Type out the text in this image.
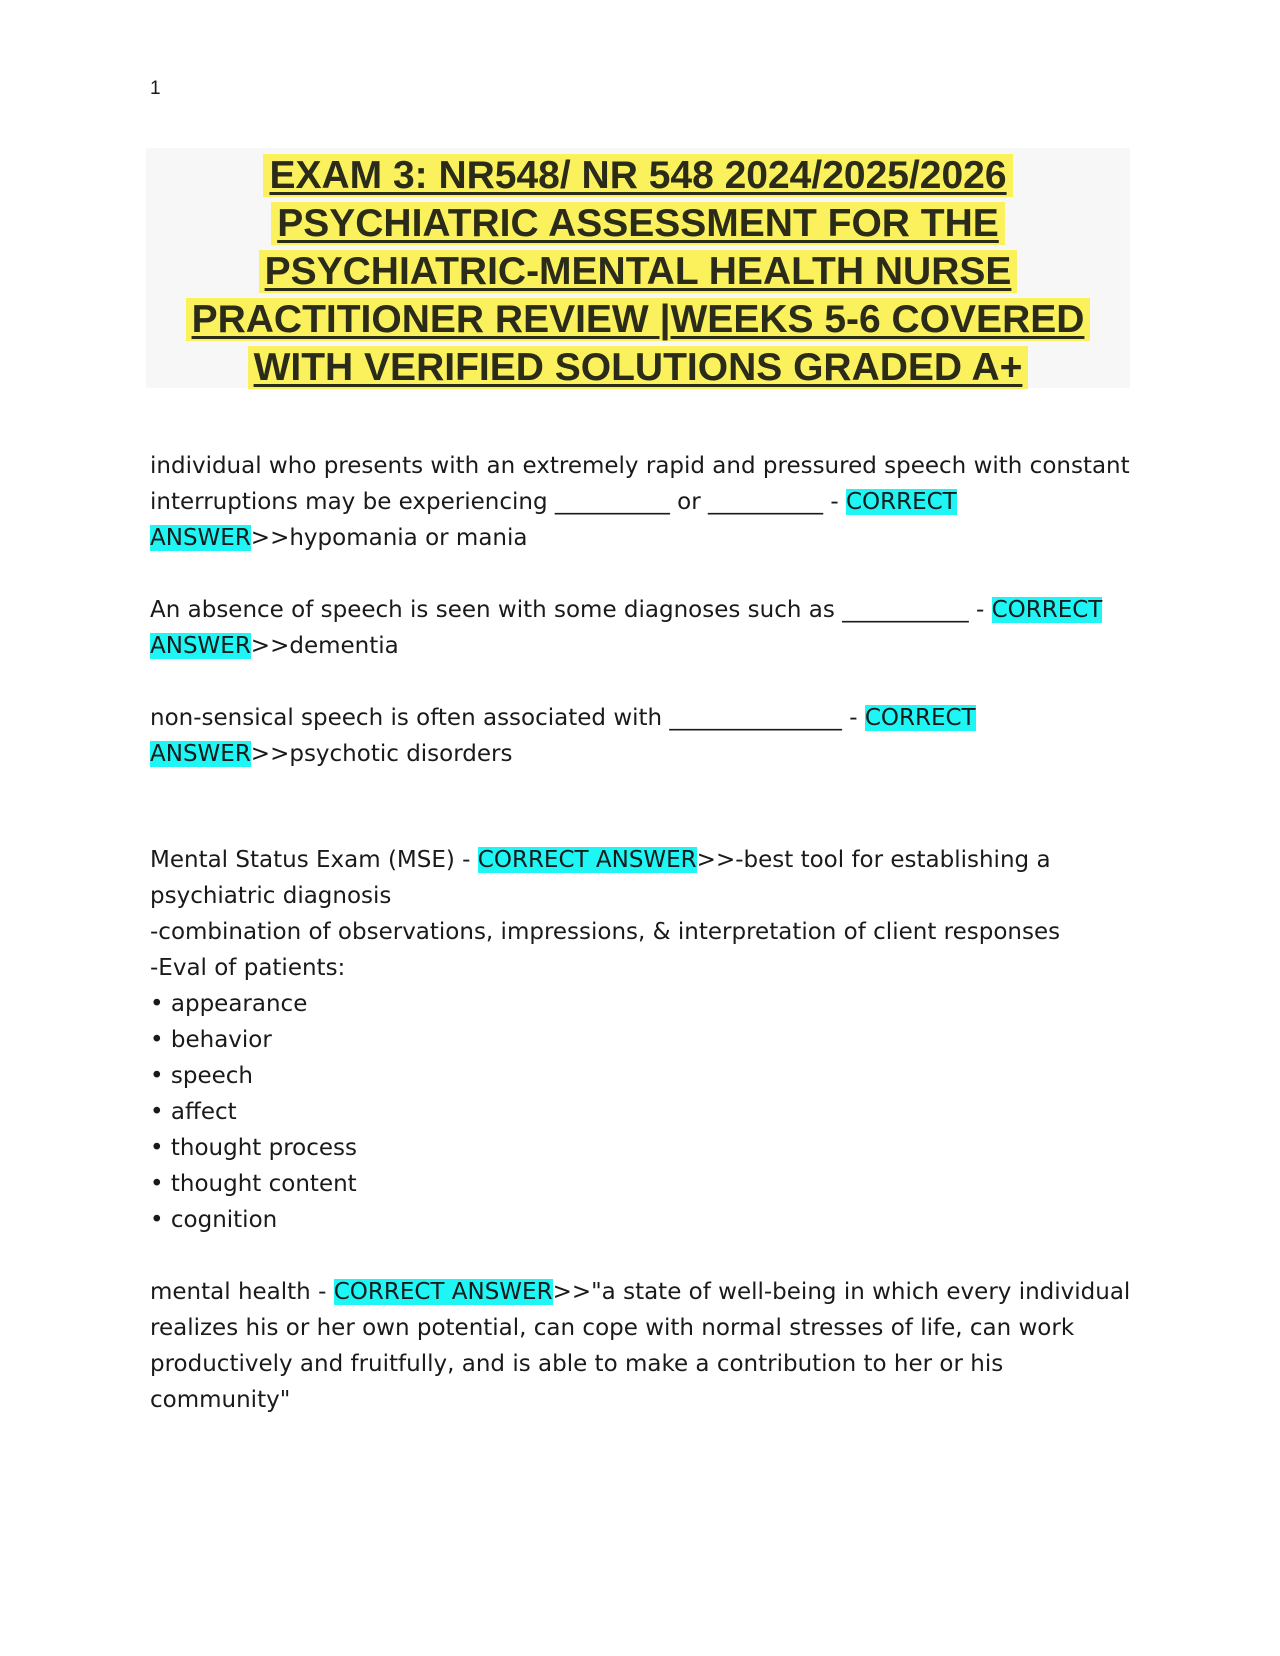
1
EXAM 3: NR548/ NR 548 2024/2025/2026
PSYCHIATRIC ASSESSMENT FOR THE
PSYCHIATRIC-MENTAL HEALTH NURSE
PRACTITIONER REVIEW |WEEKS 5-6 COVERED
WITH VERIFIED SOLUTIONS GRADED A+

individual who presents with an extremely rapid and pressured speech with constant interruptions may be experiencing __________ or __________ - CORRECT ANSWER>>hypomania or mania

An absence of speech is seen with some diagnoses such as ___________ - CORRECT ANSWER>>dementia

non-sensical speech is often associated with _______________ - CORRECT ANSWER>>psychotic disorders

Mental Status Exam (MSE) - CORRECT ANSWER>>-best tool for establishing a psychiatric diagnosis
-combination of observations, impressions, & interpretation of client responses
-Eval of patients:
• appearance
• behavior
• speech
• affect
• thought process
• thought content
• cognition

mental health - CORRECT ANSWER>>"a state of well-being in which every individual realizes his or her own potential, can cope with normal stresses of life, can work productively and fruitfully, and is able to make a contribution to her or his community"
